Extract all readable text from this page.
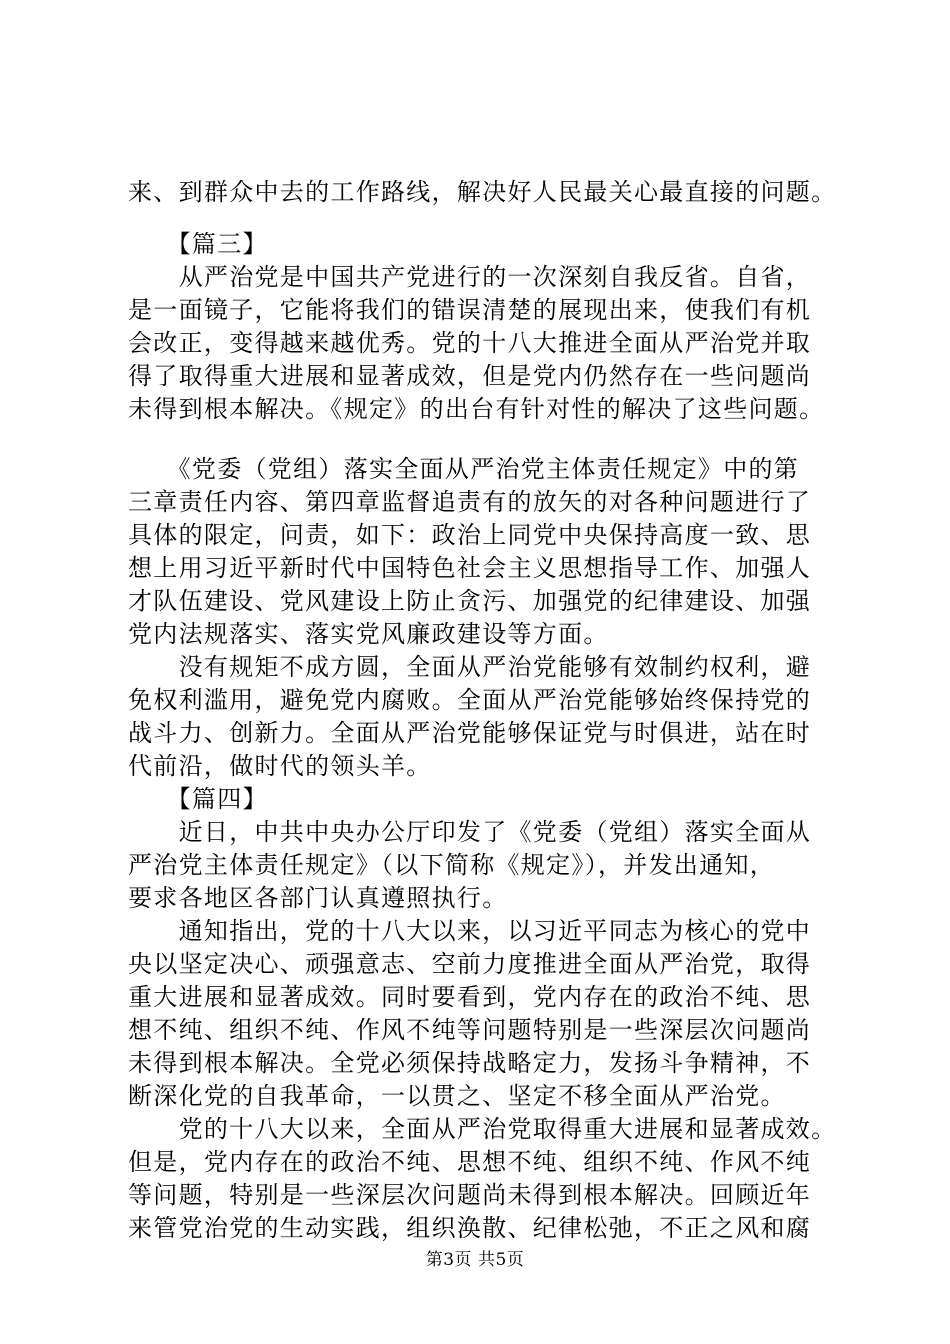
来、到群众中去的工作路线，解决好人民最关心最直接的问题。
　　【篇三】
　　从严治党是中国共产党进行的一次深刻自我反省。自省，
是一面镜子，它能将我们的错误清楚的展现出来，使我们有机
会改正，变得越来越优秀。党的十八大推进全面从严治党并取
得了取得重大进展和显著成效，但是党内仍然存在一些问题尚
未得到根本解决。《规定》的出台有针对性的解决了这些问题。
　　《党委（党组）落实全面从严治党主体责任规定》中的第
三章责任内容、第四章监督追责有的放矢的对各种问题进行了
具体的限定，问责，如下：政治上同党中央保持高度一致、思
想上用习近平新时代中国特色社会主义思想指导工作、加强人
才队伍建设、党风建设上防止贪污、加强党的纪律建设、加强
党内法规落实、落实党风廉政建设等方面。
　　没有规矩不成方圆，全面从严治党能够有效制约权利，避
免权利滥用，避免党内腐败。全面从严治党能够始终保持党的
战斗力、创新力。全面从严治党能够保证党与时俱进，站在时
代前沿，做时代的领头羊。
　　【篇四】
　　近日，中共中央办公厅印发了《党委（党组）落实全面从
严治党主体责任规定》（以下简称《规定》），并发出通知，
要求各地区各部门认真遵照执行。
　　通知指出，党的十八大以来，以习近平同志为核心的党中
央以坚定决心、顽强意志、空前力度推进全面从严治党，取得
重大进展和显著成效。同时要看到，党内存在的政治不纯、思
想不纯、组织不纯、作风不纯等问题特别是一些深层次问题尚
未得到根本解决。全党必须保持战略定力，发扬斗争精神，不
断深化党的自我革命，一以贯之、坚定不移全面从严治党。
　　党的十八大以来，全面从严治党取得重大进展和显著成效。
但是，党内存在的政治不纯、思想不纯、组织不纯、作风不纯
等问题，特别是一些深层次问题尚未得到根本解决。回顾近年
来管党治党的生动实践，组织涣散、纪律松弛，不正之风和腐
第3页 共5页
